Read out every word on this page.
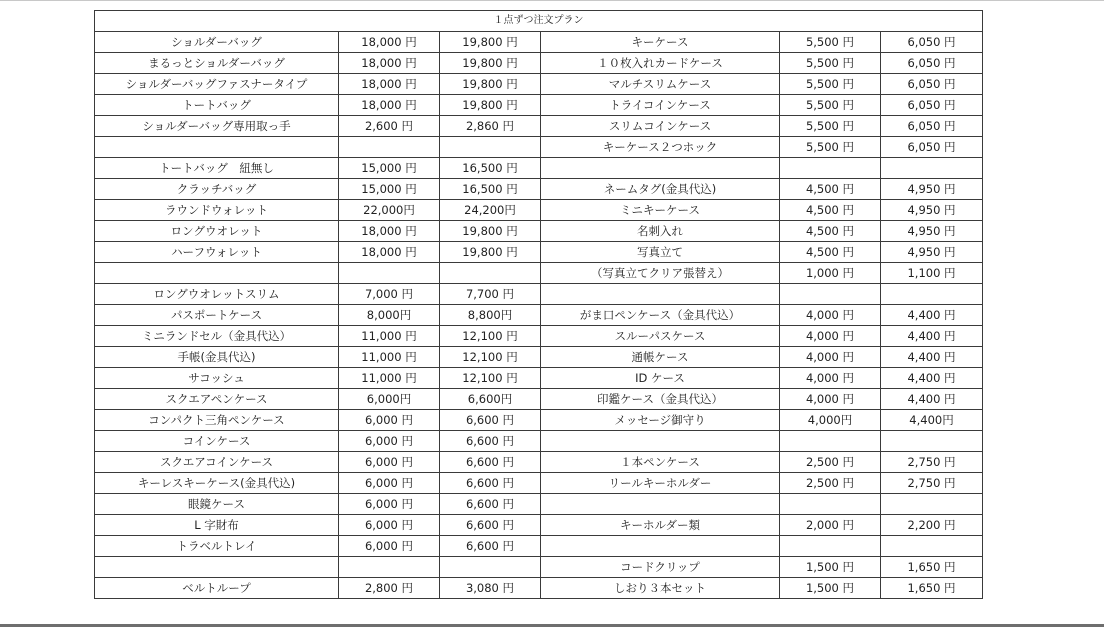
１点ずつ注文プラン					
ショルダーバッグ	18,000 円	19,800 円	キーケース	5,500 円	6,050 円
まるっとショルダーバッグ	18,000 円	19,800 円	１０枚入れカードケース	5,500 円	6,050 円
ショルダーバッグファスナータイプ	18,000 円	19,800 円	マルチスリムケース	5,500 円	6,050 円
トートバッグ	18,000 円	19,800 円	トライコインケース	5,500 円	6,050 円
ショルダーバッグ専用取っ手	2,600 円	2,860 円	スリムコインケース	5,500 円	6,050 円
			キーケース２つホック	5,500 円	6,050 円
トートバッグ　紐無し	15,000 円	16,500 円			
クラッチバッグ	15,000 円	16,500 円	ネームタグ(金具代込)	4,500 円	4,950 円
ラウンドウォレット	22,000円	24,200円	ミニキーケース	4,500 円	4,950 円
ロングウオレット	18,000 円	19,800 円	名刺入れ	4,500 円	4,950 円
ハーフウォレット	18,000 円	19,800 円	写真立て	4,500 円	4,950 円
			（写真立てクリア張替え）	1,000 円	1,100 円
ロングウオレットスリム	7,000 円	7,700 円			
パスポートケース	8,000円	8,800円	がま口ペンケース（金具代込）	4,000 円	4,400 円
ミニランドセル（金具代込）	11,000 円	12,100 円	スルーパスケース	4,000 円	4,400 円
手帳(金具代込)	11,000 円	12,100 円	通帳ケース	4,000 円	4,400 円
サコッシュ	11,000 円	12,100 円	ID ケース	4,000 円	4,400 円
スクエアペンケース	6,000円	6,600円	印鑑ケース（金具代込）	4,000 円	4,400 円
コンパクト三角ペンケース	6,000 円	6,600 円	メッセージ御守り	4,000円	4,400円
コインケース	6,000 円	6,600 円			
スクエアコインケース	6,000 円	6,600 円	１本ペンケース	2,500 円	2,750 円
キーレスキーケース(金具代込)	6,000 円	6,600 円	リールキーホルダー	2,500 円	2,750 円
眼鏡ケース	6,000 円	6,600 円			
L 字財布	6,000 円	6,600 円	キーホルダー類	2,000 円	2,200 円
トラベルトレイ	6,000 円	6,600 円			
			コードクリップ	1,500 円	1,650 円
ベルトループ	2,800 円	3,080 円	しおり３本セット	1,500 円	1,650 円
